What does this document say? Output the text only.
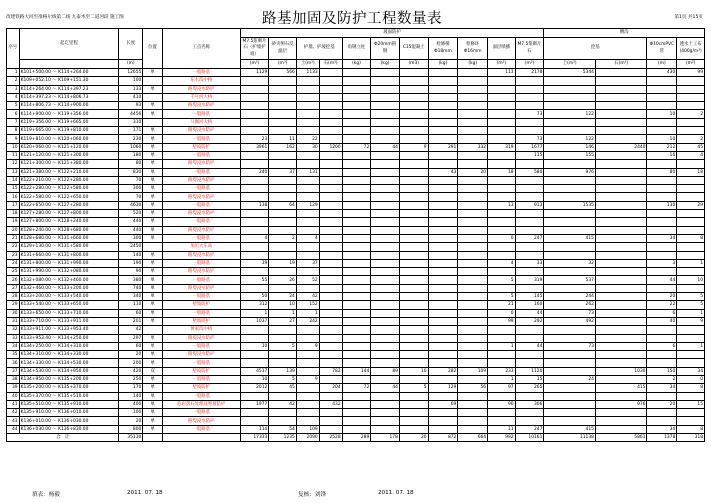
改建铁路大同至准格尔线第二线 九泰木至二道河段 施工图	路基加固及防护工程数量表	第1页 共15页
序号	起讫里程	长度	位置	工点名称	坡面防护											侧沟			
					M7.5浆砌片石（护墙护坡）	砂夹卵石反滤层	护墙、护坡挖基		角钢立柱	Φ20mm圆钢	C15混凝土	检修梯Φ18mm	检修环Φ16mm	面层喷播	M7.5浆砌片石	挖基		Φ10cmPVC管	透水土工布(400g/m²)
		(m)			(m³)	(m³)	土(m³)	石(m³)	(kg)	(kg)	(m3)	(kg)	(kg)	(m²)	(m³)	土(m³)	石(m³)	(m)	(m²)
1	K101+500.00 ～ K114+264.00	12655	单	一般路基	1129	566	1133							113	2178	5344		430	99
2	K109+052.10 ～ K109+151.30	100		东水沟中桥															
3	K114+264.00 ～ K114+397.23	133	单	路堤浸水防护															
4	K114+397.23 ～ K114+806.73	410		千号河大桥															
5	K114+806.73 ～ K114+900.00	93	单	路堤浸水防护															
6	K114+900.00 ～ K119+356.00	4456	单	一般路基											73	122		10	2
7	K119+356.00 ～ K119+665.00	310		马圈河大桥															
8	K119+665.00 ～ K119+810.00	171	单	路堤浸水防护															
9	K119+810.00 ～ K120+060.00	230	单	一般路基	23	11	22								73	122		10	2
10	K120+060.00 ～ K121+120.00	1060	单	堑坡防护	3961	162	30	1200	72	44	9	291	332	319	1677	146	2440	212	45
11	K121+120.00 ～ K121+300.00	180	单	一般路基											115	155		16	4
12	K121+300.00 ～ K121+380.00	80	单	路堤浸水防护															
13	K121+380.00 ～ K122+210.00	830	单	一般路基	240	37	131					43	20	18	580	976		80	18
14	K122+210.00 ～ K122+280.00	70	单	路堤浸水防护															
15	K122+280.00 ～ K122+580.00	300	单	一般路基															
16	K122+580.00 ～ K122+650.00	70	单	路堤浸水防护															
17	K122+650.00 ～ K127+280.00	4630	单	一般路基	138	64	129							13	913	1535		130	29
18	K127+280.00 ～ K127+800.00	520	单	路堤浸水防护															
19	K127+800.00 ～ K128+240.00	440	单	一般路基															
20	K128+240.00 ～ K128+680.00	440	单	路堤浸水防护															
21	K128+680.00 ～ K131+660.00	300	单	一般路基	4	2	4							0	247	415		34	8
22	K129+130.00 ～ K131+580.00	2450		加贝大车站															
23	K131+660.00 ～ K131+800.00	140	单	路堤浸水防护															
24	K131+800.00 ～ K131+990.00	190	单	一般路基	39	19	37							4	33	32		3	1
25	K131+990.00 ～ K132+080.00	90	单	路堤浸水防护															
26	K132+080.00 ～ K132+460.00	380	单	一般路基	55	26	52							5	319	537		44	10
27	K132+460.00 ～ K133+200.00	740	单	路堤浸水防护															
28	K133+200.00 ～ K133+540.00	340	单	一般路基	50	24	42							5	145	244		20	5
29	K133+540.00 ～ K133+650.00	110	单	堑坡防护	312	10	152							21	160	262		22	5
30	K133+650.00 ～ K133+710.00	60	单	一般路基	1	1	1							0	44	73		6	1
31	K133+710.00 ～ K133+911.00	201	单	堑坡防护	1037	27	242							99	292	492		40	9
32	K133+911.00 ～ K133+953.40	42		黄家沟中桥															
33	K133+953.40 ～ K134+250.00	297	单	路堤浸水防护															
34	K134+250.00 ～ K134+310.00	60	单	一般路基	10	5	9							1	44	73		6	1
35	K134+310.00 ～ K134+330.00	20	单	路堤浸水防护															
36	K134+330.00 ～ K134+530.00	200	单	一般路基															
37	K134+530.00 ～ K134+950.00	420	双	堑坡防护	4517	139		782	144	89	10	282	109	233	1120		1030	150	34
38	K134+950.00 ～ K135+200.00	250	单	一般路基	10	5	9							1	15	24		2	0
39	K135+200.00 ～ K135+370.00	170	单	堑坡防护	2012	45		204	72	44	5	129	56	97	265		415	34	8
40	K135+370.00 ～ K135+510.00	140	单	一般路基															
41	K135+510.00 ～ K135+910.00	400	单	危岩落石处理及堑坡防护	1977	42		432				69		90	306		976	20	15
42	K135+910.00 ～ K136+010.00	100	单	一般路基															
43	K136+010.00 ～ K136+030.00	20	单	路堤浸水防护															
44	K136+030.00 ～ K136+830.00	800	单	一般路基	114	54	109							11	247	415		34	8
合　计		35130			17333	1235	2090	2528	289	178	20	872	664	992	10161	11138	5861	1378	318
填表：杨毅	2011. 07. 18	复核：刘锋	2011. 07. 18
